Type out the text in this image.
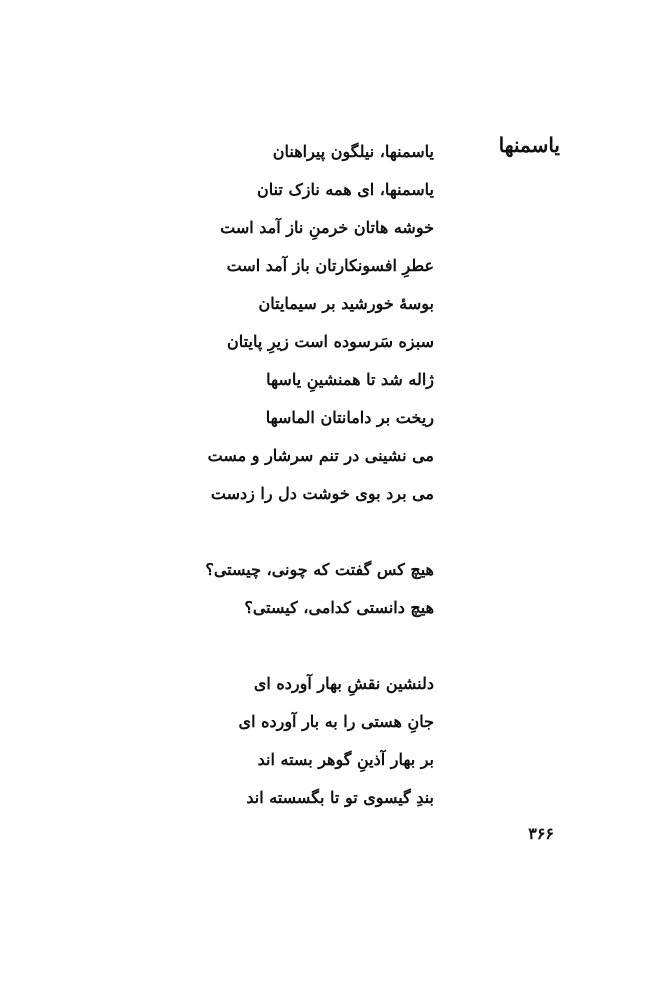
یاسمنها
یاسمنها، نیلگون پیراهنان
یاسمنها، ای همه نازک تنان
خوشه هاتان خرمنِ ناز آمد است
عطرِ افسونکارتان باز آمد است
بوسهٔ خورشید بر سیمایتان
سبزه سَرسوده است زیرِ پایتان
ژاله شد تا همنشینِ یاسها
ریخت بر دامانتان الماسها
می نشینی در تنم سرشار و مست
می برد بوی خوشت دل را زدست
هیچ کس گفتت که چونی، چیستی؟
هیچ دانستی کدامی، کیستی؟
دلنشین نقشِ بهار آورده ای
جانِ هستی را به بار آورده ای
بر بهار آذینِ گوهر بسته اند
بندِ گیسوی تو تا بگسسته اند
۳۶۶
